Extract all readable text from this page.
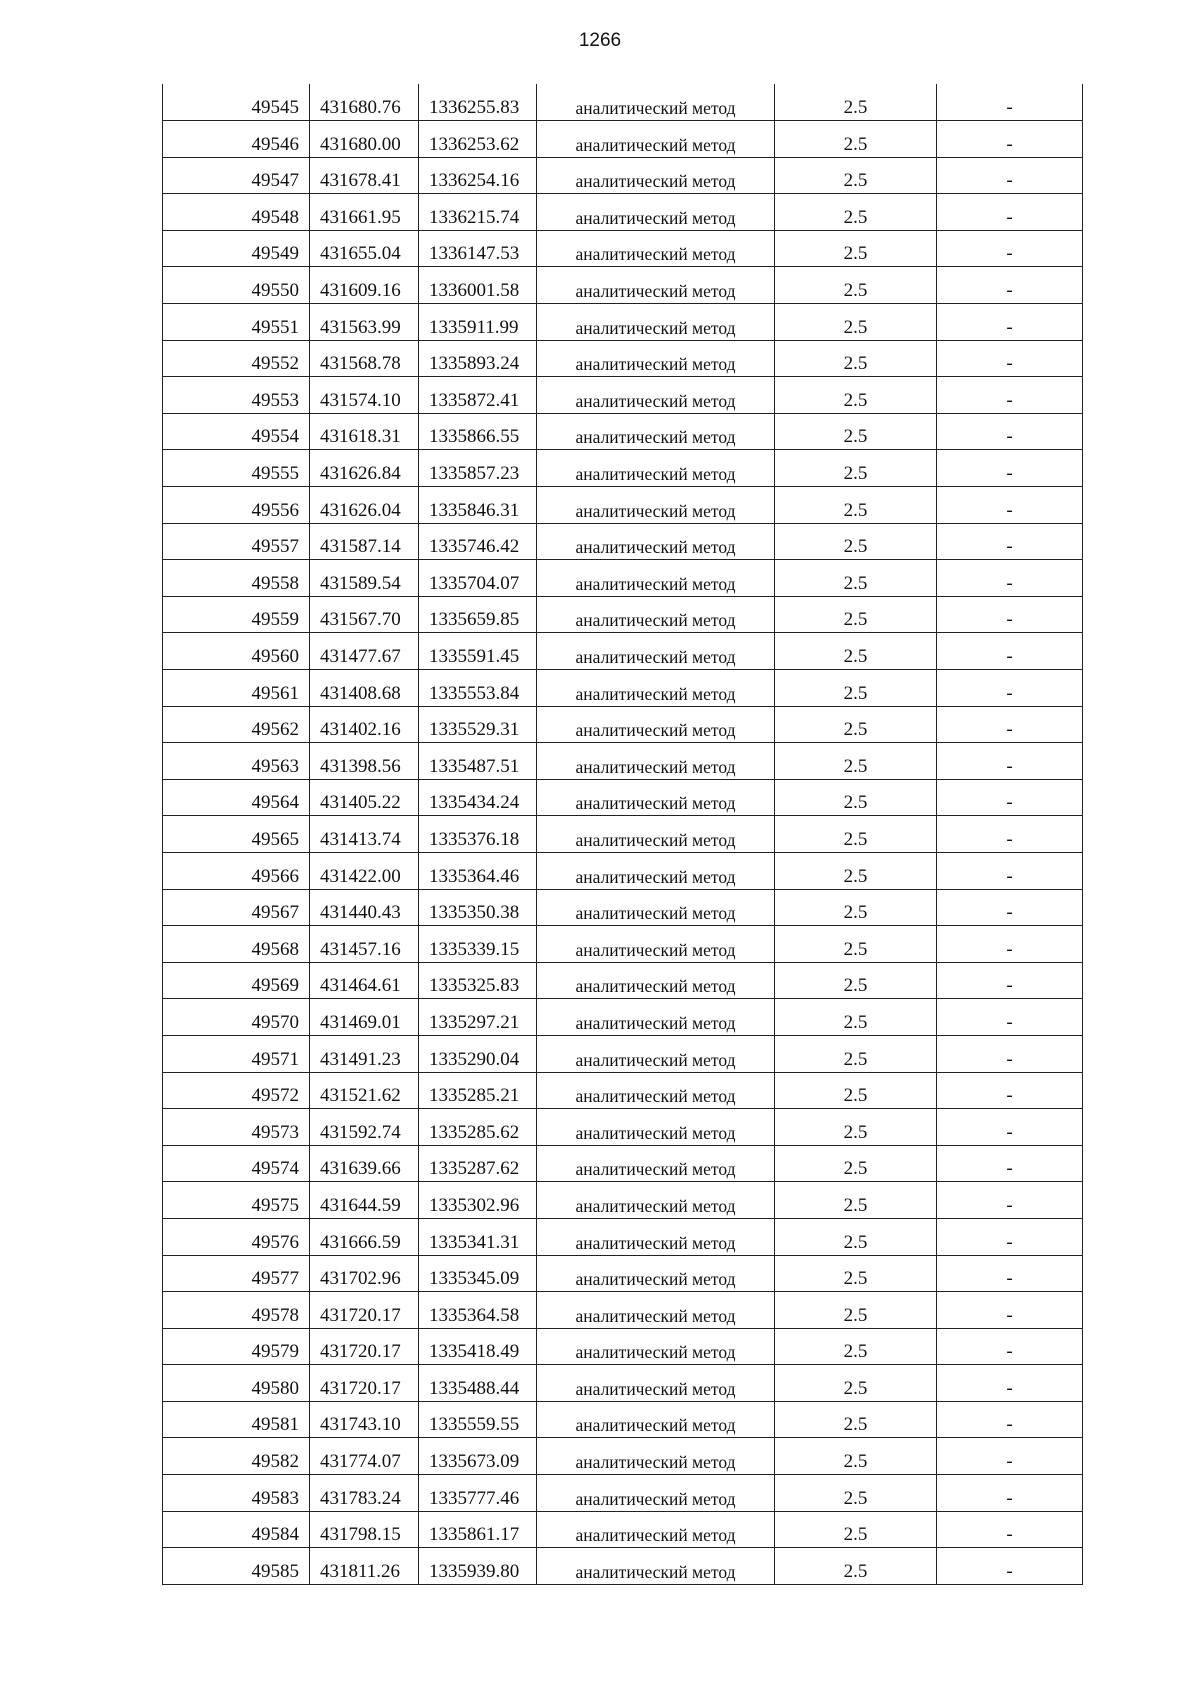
1266
49545	431680.76	1336255.83	аналитический метод	2.5	-
49546	431680.00	1336253.62	аналитический метод	2.5	-
49547	431678.41	1336254.16	аналитический метод	2.5	-
49548	431661.95	1336215.74	аналитический метод	2.5	-
49549	431655.04	1336147.53	аналитический метод	2.5	-
49550	431609.16	1336001.58	аналитический метод	2.5	-
49551	431563.99	1335911.99	аналитический метод	2.5	-
49552	431568.78	1335893.24	аналитический метод	2.5	-
49553	431574.10	1335872.41	аналитический метод	2.5	-
49554	431618.31	1335866.55	аналитический метод	2.5	-
49555	431626.84	1335857.23	аналитический метод	2.5	-
49556	431626.04	1335846.31	аналитический метод	2.5	-
49557	431587.14	1335746.42	аналитический метод	2.5	-
49558	431589.54	1335704.07	аналитический метод	2.5	-
49559	431567.70	1335659.85	аналитический метод	2.5	-
49560	431477.67	1335591.45	аналитический метод	2.5	-
49561	431408.68	1335553.84	аналитический метод	2.5	-
49562	431402.16	1335529.31	аналитический метод	2.5	-
49563	431398.56	1335487.51	аналитический метод	2.5	-
49564	431405.22	1335434.24	аналитический метод	2.5	-
49565	431413.74	1335376.18	аналитический метод	2.5	-
49566	431422.00	1335364.46	аналитический метод	2.5	-
49567	431440.43	1335350.38	аналитический метод	2.5	-
49568	431457.16	1335339.15	аналитический метод	2.5	-
49569	431464.61	1335325.83	аналитический метод	2.5	-
49570	431469.01	1335297.21	аналитический метод	2.5	-
49571	431491.23	1335290.04	аналитический метод	2.5	-
49572	431521.62	1335285.21	аналитический метод	2.5	-
49573	431592.74	1335285.62	аналитический метод	2.5	-
49574	431639.66	1335287.62	аналитический метод	2.5	-
49575	431644.59	1335302.96	аналитический метод	2.5	-
49576	431666.59	1335341.31	аналитический метод	2.5	-
49577	431702.96	1335345.09	аналитический метод	2.5	-
49578	431720.17	1335364.58	аналитический метод	2.5	-
49579	431720.17	1335418.49	аналитический метод	2.5	-
49580	431720.17	1335488.44	аналитический метод	2.5	-
49581	431743.10	1335559.55	аналитический метод	2.5	-
49582	431774.07	1335673.09	аналитический метод	2.5	-
49583	431783.24	1335777.46	аналитический метод	2.5	-
49584	431798.15	1335861.17	аналитический метод	2.5	-
49585	431811.26	1335939.80	аналитический метод	2.5	-
